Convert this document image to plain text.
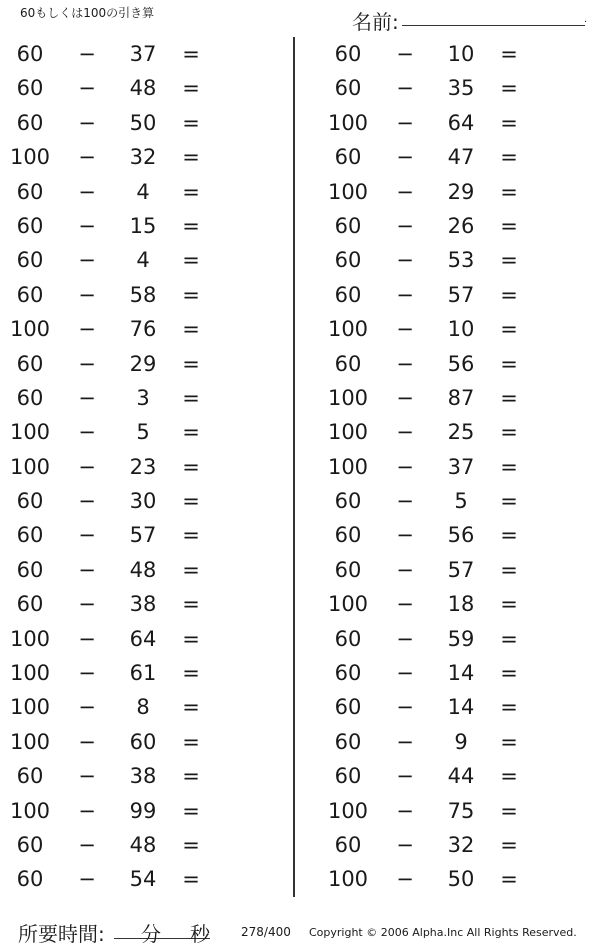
60もしくは100の引き算	名前:	.
60	−	37	=
60	−	48	=
60	−	50	=
100	−	32	=
60	−	4	=
60	−	15	=
60	−	4	=
60	−	58	=
100	−	76	=
60	−	29	=
60	−	3	=
100	−	5	=
100	−	23	=
60	−	30	=
60	−	57	=
60	−	48	=
60	−	38	=
100	−	64	=
100	−	61	=
100	−	8	=
100	−	60	=
60	−	38	=
100	−	99	=
60	−	48	=
60	−	54	=
60	−	10	=
60	−	35	=
100	−	64	=
60	−	47	=
100	−	29	=
60	−	26	=
60	−	53	=
60	−	57	=
100	−	10	=
60	−	56	=
100	−	87	=
100	−	25	=
100	−	37	=
60	−	5	=
60	−	56	=
60	−	57	=
100	−	18	=
60	−	59	=
60	−	14	=
60	−	14	=
60	−	9	=
60	−	44	=
100	−	75	=
60	−	32	=
100	−	50	=
所要時間: 分 秒	278/400 Copyright © 2006 Alpha.Inc All Rights Reserved.
